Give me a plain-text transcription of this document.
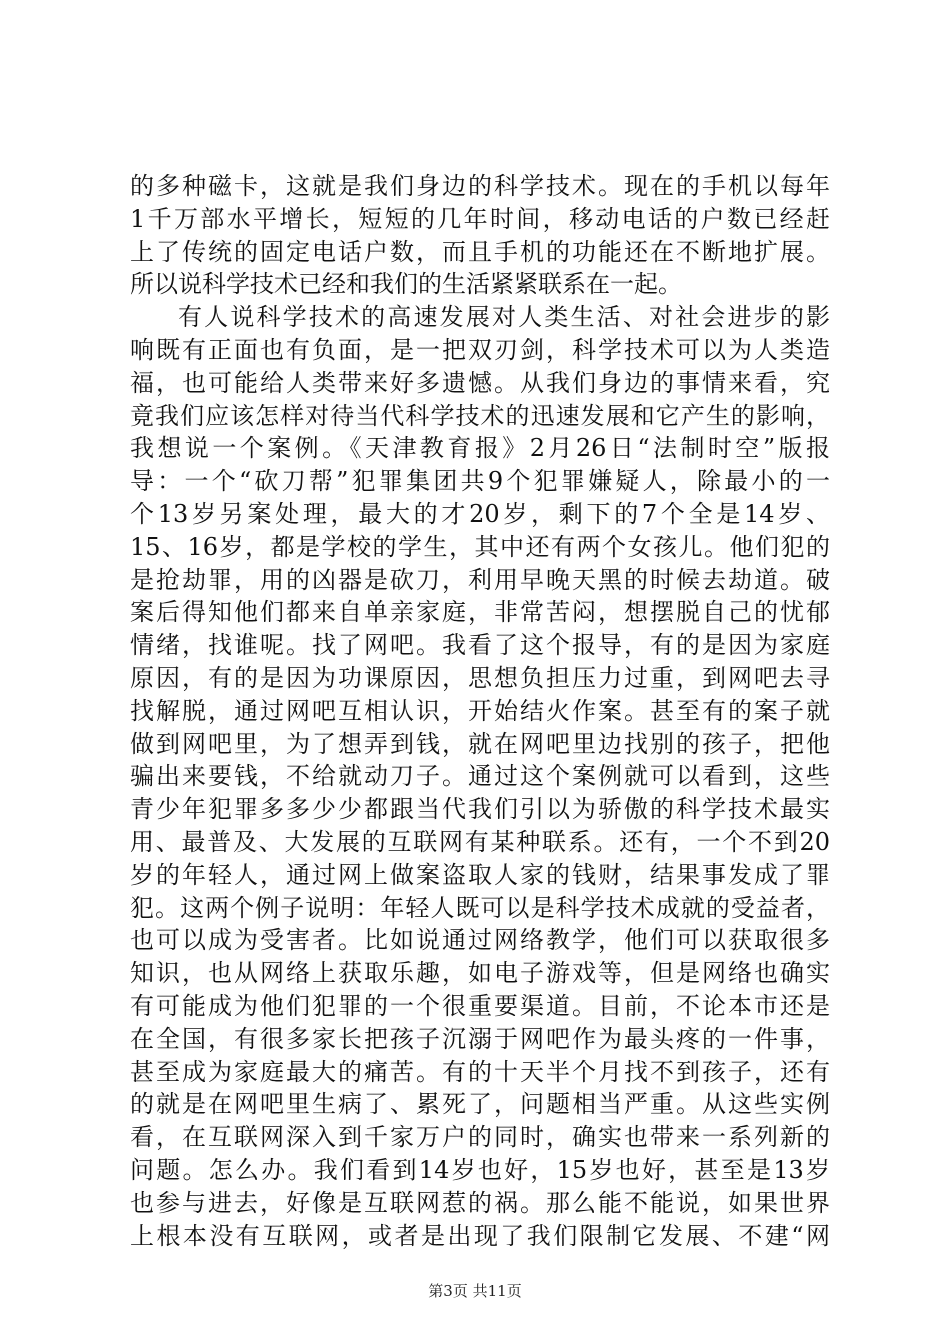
的多种磁卡，这就是我们身边的科学技术。现在的手机以每年
1千万部水平增长，短短的几年时间，移动电话的户数已经赶
上了传统的固定电话户数，而且手机的功能还在不断地扩展。
所以说科学技术已经和我们的生活紧紧联系在一起。
有人说科学技术的高速发展对人类生活、对社会进步的影
响既有正面也有负面，是一把双刃剑，科学技术可以为人类造
福，也可能给人类带来好多遗憾。从我们身边的事情来看，究
竟我们应该怎样对待当代科学技术的迅速发展和它产生的影响，
我想说一个案例。《天津教育报》2月26日“法制时空”版报
导：一个“砍刀帮”犯罪集团共9个犯罪嫌疑人，除最小的一
个13岁另案处理，最大的才20岁，剩下的7个全是14岁、
15、16岁，都是学校的学生，其中还有两个女孩儿。他们犯的
是抢劫罪，用的凶器是砍刀，利用早晚天黑的时候去劫道。破
案后得知他们都来自单亲家庭，非常苦闷，想摆脱自己的忧郁
情绪，找谁呢。找了网吧。我看了这个报导，有的是因为家庭
原因，有的是因为功课原因，思想负担压力过重，到网吧去寻
找解脱，通过网吧互相认识，开始结火作案。甚至有的案子就
做到网吧里，为了想弄到钱，就在网吧里边找别的孩子，把他
骗出来要钱，不给就动刀子。通过这个案例就可以看到，这些
青少年犯罪多多少少都跟当代我们引以为骄傲的科学技术最实
用、最普及、大发展的互联网有某种联系。还有，一个不到20
岁的年轻人，通过网上做案盗取人家的钱财，结果事发成了罪
犯。这两个例子说明：年轻人既可以是科学技术成就的受益者，
也可以成为受害者。比如说通过网络教学，他们可以获取很多
知识，也从网络上获取乐趣，如电子游戏等，但是网络也确实
有可能成为他们犯罪的一个很重要渠道。目前，不论本市还是
在全国，有很多家长把孩子沉溺于网吧作为最头疼的一件事，
甚至成为家庭最大的痛苦。有的十天半个月找不到孩子，还有
的就是在网吧里生病了、累死了，问题相当严重。从这些实例
看，在互联网深入到千家万户的同时，确实也带来一系列新的
问题。怎么办。我们看到14岁也好，15岁也好，甚至是13岁
也参与进去，好像是互联网惹的祸。那么能不能说，如果世界
上根本没有互联网，或者是出现了我们限制它发展、不建“网
第3页 共11页
